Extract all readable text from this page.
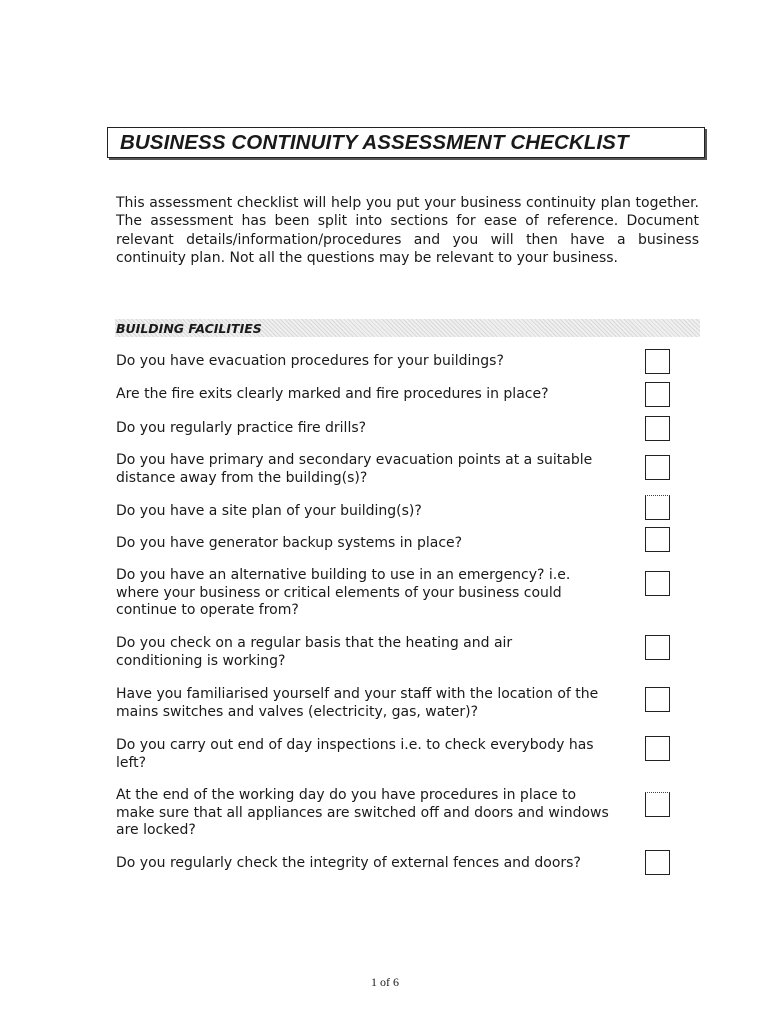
BUSINESS CONTINUITY ASSESSMENT CHECKLIST

This assessment checklist will help you put your business continuity plan together. The assessment has been split into sections for ease of reference. Document relevant details/information/procedures and you will then have a business continuity plan. Not all the questions may be relevant to your business.

BUILDING FACILITIES

Do you have evacuation procedures for your buildings?

Are the fire exits clearly marked and fire procedures in place?

Do you regularly practice fire drills?

Do you have primary and secondary evacuation points at a suitable distance away from the building(s)?

Do you have a site plan of your building(s)?

Do you have generator backup systems in place?

Do you have an alternative building to use in an emergency? i.e. where your business or critical elements of your business could continue to operate from?

Do you check on a regular basis that the heating and air conditioning is working?

Have you familiarised yourself and your staff with the location of the mains switches and valves (electricity, gas, water)?

Do you carry out end of day inspections i.e. to check everybody has left?

At the end of the working day do you have procedures in place to make sure that all appliances are switched off and doors and windows are locked?

Do you regularly check the integrity of external fences and doors?

1 of 6
